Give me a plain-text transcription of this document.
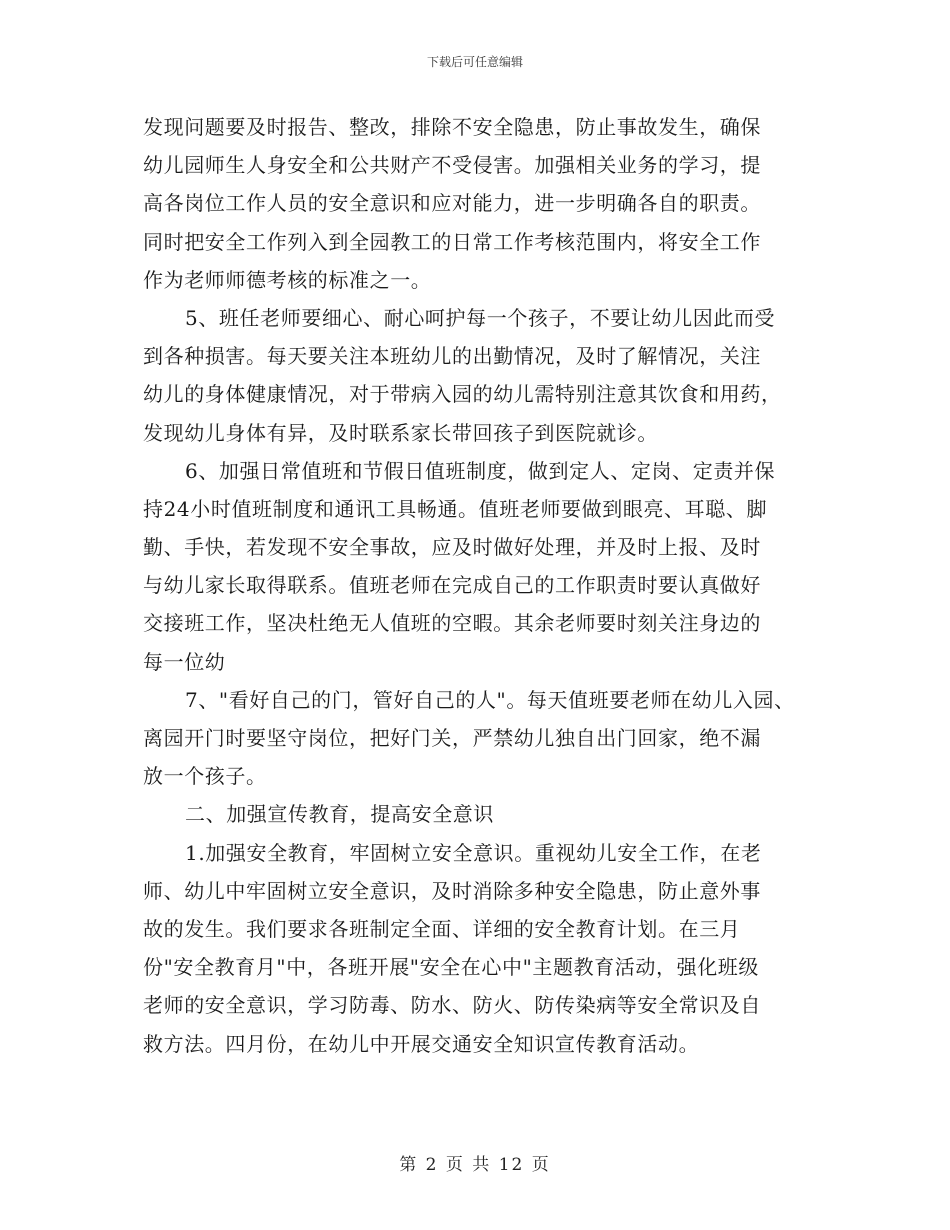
下载后可任意编辑
发现问题要及时报告、整改，排除不安全隐患，防止事故发生，确保
幼儿园师生人身安全和公共财产不受侵害。加强相关业务的学习，提
高各岗位工作人员的安全意识和应对能力，进一步明确各自的职责。
同时把安全工作列入到全园教工的日常工作考核范围内，将安全工作
作为老师师德考核的标准之一。
5、班任老师要细心、耐心呵护每一个孩子，不要让幼儿因此而受
到各种损害。每天要关注本班幼儿的出勤情况，及时了解情况，关注
幼儿的身体健康情况，对于带病入园的幼儿需特别注意其饮食和用药，
发现幼儿身体有异，及时联系家长带回孩子到医院就诊。
6、加强日常值班和节假日值班制度，做到定人、定岗、定责并保
持24小时值班制度和通讯工具畅通。值班老师要做到眼亮、耳聪、脚
勤、手快，若发现不安全事故，应及时做好处理，并及时上报、及时
与幼儿家长取得联系。值班老师在完成自己的工作职责时要认真做好
交接班工作，坚决杜绝无人值班的空暇。其余老师要时刻关注身边的
每一位幼
7、"看好自己的门，管好自己的人"。每天值班要老师在幼儿入园、
离园开门时要坚守岗位，把好门关，严禁幼儿独自出门回家，绝不漏
放一个孩子。
二、加强宣传教育，提高安全意识
1.加强安全教育，牢固树立安全意识。重视幼儿安全工作，在老
师、幼儿中牢固树立安全意识，及时消除多种安全隐患，防止意外事
故的发生。我们要求各班制定全面、详细的安全教育计划。在三月
份"安全教育月"中，各班开展"安全在心中"主题教育活动，强化班级
老师的安全意识，学习防毒、防水、防火、防传染病等安全常识及自
救方法。四月份，在幼儿中开展交通安全知识宣传教育活动。
第 2 页 共 12 页
